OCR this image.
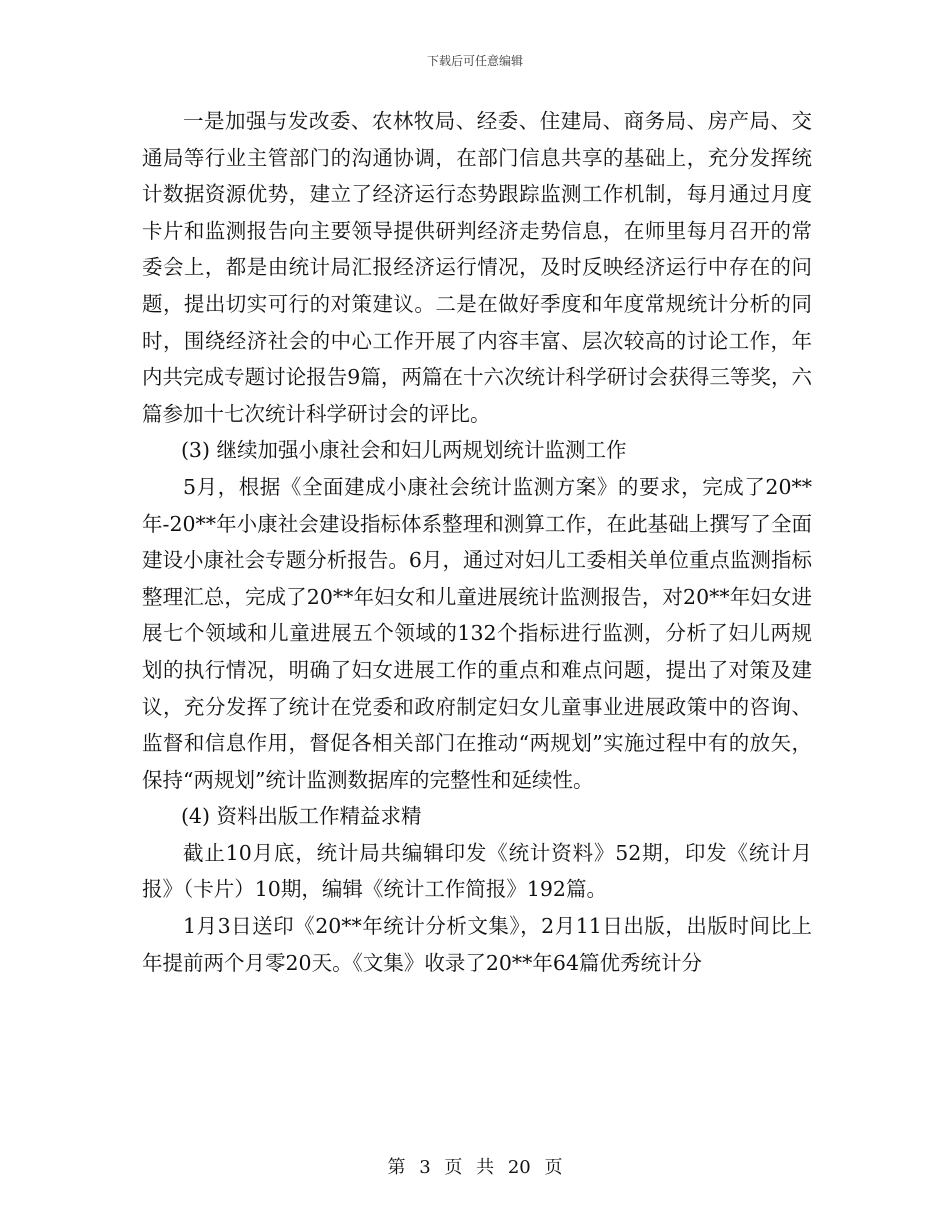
下载后可任意编辑

一是加强与发改委、农林牧局、经委、住建局、商务局、房产局、交通局等行业主管部门的沟通协调，在部门信息共享的基础上，充分发挥统计数据资源优势，建立了经济运行态势跟踪监测工作机制，每月通过月度卡片和监测报告向主要领导提供研判经济走势信息，在师里每月召开的常委会上，都是由统计局汇报经济运行情况，及时反映经济运行中存在的问题，提出切实可行的对策建议。二是在做好季度和年度常规统计分析的同时，围绕经济社会的中心工作开展了内容丰富、层次较高的讨论工作，年内共完成专题讨论报告9篇，两篇在十六次统计科学研讨会获得三等奖，六篇参加十七次统计科学研讨会的评比。

(3) 继续加强小康社会和妇儿两规划统计监测工作

5月，根据《全面建成小康社会统计监测方案》的要求，完成了20**年-20**年小康社会建设指标体系整理和测算工作，在此基础上撰写了全面建设小康社会专题分析报告。6月，通过对妇儿工委相关单位重点监测指标整理汇总，完成了20**年妇女和儿童进展统计监测报告，对20**年妇女进展七个领域和儿童进展五个领域的132个指标进行监测，分析了妇儿两规划的执行情况，明确了妇女进展工作的重点和难点问题，提出了对策及建议，充分发挥了统计在党委和政府制定妇女儿童事业进展政策中的咨询、监督和信息作用，督促各相关部门在推动“两规划”实施过程中有的放矢，保持“两规划”统计监测数据库的完整性和延续性。

(4) 资料出版工作精益求精

截止10月底，统计局共编辑印发《统计资料》52期，印发《统计月报》（卡片）10期，编辑《统计工作简报》192篇。

1月3日送印《20**年统计分析文集》，2月11日出版，出版时间比上年提前两个月零20天。《文集》收录了20**年64篇优秀统计分

第 3 页 共 20 页
